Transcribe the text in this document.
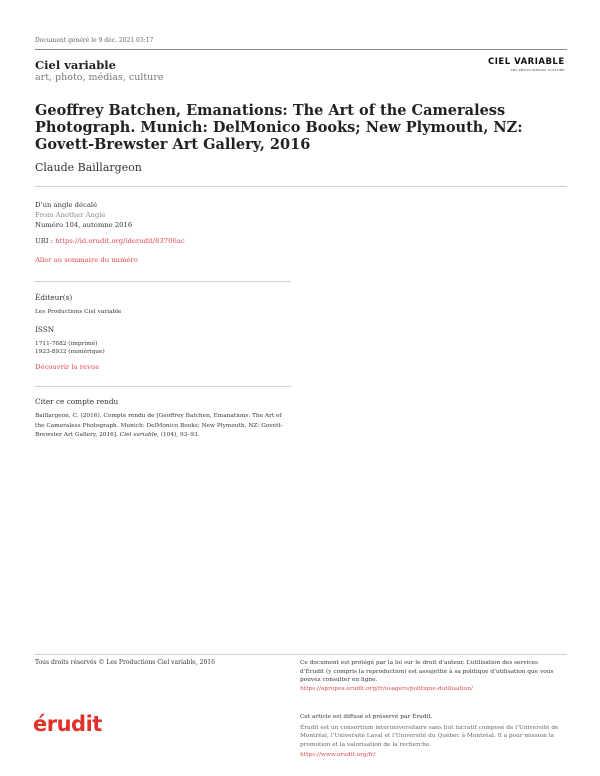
Document généré le 9 déc. 2021 03:17
Ciel variable
art, photo, médias, culture
CIEL VARIABLE
ART PHOTO MÉDIAS CULTURE
Geoffrey Batchen, Emanations: The Art of the Cameraless Photograph. Munich: DelMonico Books; New Plymouth, NZ: Govett-Brewster Art Gallery, 2016
Claude Baillargeon
D’un angle décalé
From Another Angle
Numéro 104, automne 2016
URI : https://id.erudit.org/iderudit/83706ac
Aller au sommaire du numéro
Éditeur(s)
Les Productions Ciel variable
ISSN
1711-7682 (imprimé)
1923-8932 (numérique)
Découvrir la revue
Citer ce compte rendu
Baillargeon, C. (2016). Compte rendu de [Geoffrey Batchen, Emanations: The Art of the Cameraless Photograph. Munich: DelMonico Books; New Plymouth, NZ: Govett-Brewster Art Gallery, 2016]. Ciel variable, (104), 93–93.
Tous droits réservés © Les Productions Ciel variable, 2016	Ce document est protégé par la loi sur le droit d’auteur. L’utilisation des services d’Érudit (y compris la reproduction) est assujettie à sa politique d’utilisation que vous pouvez consulter en ligne.
https://apropos.erudit.org/fr/usagers/politique-dutilisation/
érudit	Cet article est diffusé et préservé par Érudit.
Érudit est un consortium interuniversitaire sans but lucratif composé de l’Université de Montréal, l’Université Laval et l’Université du Québec à Montréal. Il a pour mission la promotion et la valorisation de la recherche.
https://www.erudit.org/fr/
